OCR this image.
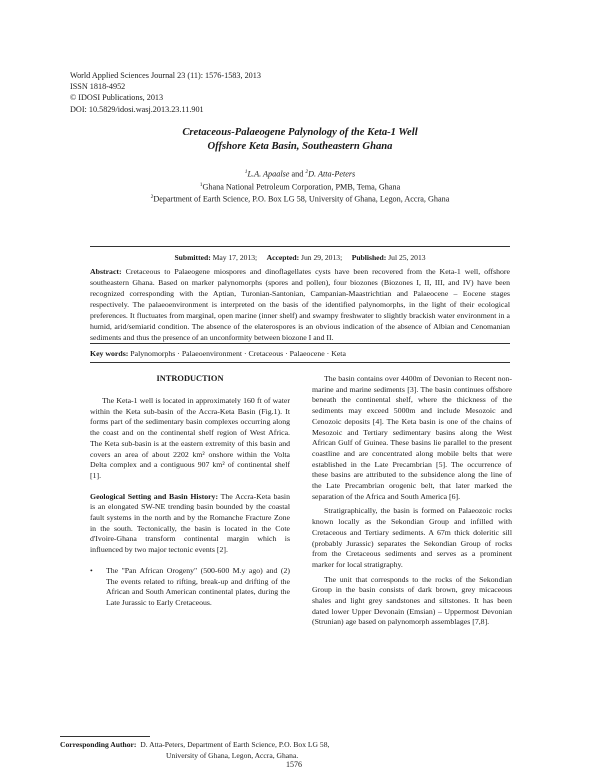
World Applied Sciences Journal 23 (11): 1576-1583, 2013
ISSN 1818-4952
© IDOSI Publications, 2013
DOI: 10.5829/idosi.wasj.2013.23.11.901
Cretaceous-Palaeogene Palynology of the Keta-1 Well
Offshore Keta Basin, Southeastern Ghana
$^1$L.A. Apaalse and $^2$D. Atta-Peters
$^1$Ghana National Petroleum Corporation, PMB, Tema, Ghana
$^2$Department of Earth Science, P.O. Box LG 58, University of Ghana, Legon, Accra, Ghana
Submitted: May 17, 2013; Accepted: Jun 29, 2013; Published: Jul 25, 2013
Abstract: Cretaceous to Palaeogene miospores and dinoflagellates cysts have been recovered from the Keta-1 well, offshore southeastern Ghana. Based on marker palynomorphs (spores and pollen), four biozones (Biozones I, II, III, and IV) have been recognized corresponding with the Aptian, Turonian-Santonian, Campanian-Maastrichtian and Palaeocene – Eocene stages respectively. The palaeoenvironment is interpreted on the basis of the identified palynomorphs, in the light of their ecological preferences. It fluctuates from marginal, open marine (inner shelf) and swampy freshwater to slightly brackish water environment in a humid, arid/semiarid condition. The absence of the elaterospores is an obvious indication of the absence of Albian and Cenomanian sediments and thus the presence of an unconformity between biozone I and II.
Key words: Palynomorphs · Palaeoenvironment · Cretaceous · Palaeocene · Keta
INTRODUCTION

The Keta-1 well is located in approximately 160 ft of water within the Keta sub-basin of the Accra-Keta Basin (Fig.1). It forms part of the sedimentary basin complexes occurring along the coast and on the continental shelf region of West Africa. The Keta sub-basin is at the eastern extremity of this basin and covers an area of about 2202 km² onshore within the Volta Delta complex and a contiguous 907 km² of continental shelf [1].

Geological Setting and Basin History: The Accra-Keta basin is an elongated SW-NE trending basin bounded by the coastal fault systems in the north and by the Romanche Fracture Zone in the south. Tectonically, the basin is located in the Cote d'Ivoire-Ghana transform continental margin which is influenced by two major tectonic events [2].

• The "Pan African Orogeny" (500-600 M.y ago) and (2) The events related to rifting, break-up and drifting of the African and South American continental plates, during the Late Jurassic to Early Cretaceous.

The basin contains over 4400m of Devonian to Recent non-marine and marine sediments [3]. The basin continues offshore beneath the continental shelf, where the thickness of the sediments may exceed 5000m and include Mesozoic and Cenozoic deposits [4]. The Keta basin is one of the chains of Mesozoic and Tertiary sedimentary basins along the West African Gulf of Guinea. These basins lie parallel to the present coastline and are concentrated along mobile belts that were established in the Late Precambrian [5]. The occurrence of these basins are attributed to the subsidence along the line of the Late Precambrian orogenic belt, that later marked the separation of the Africa and South America [6].

Stratigraphically, the basin is formed on Palaeozoic rocks known locally as the Sekondian Group and infilled with Cretaceous and Tertiary sediments. A 67m thick doleritic sill (probably Jurassic) separates the Sekondian Group of rocks from the Cretaceous sediments and serves as a prominent marker for local stratigraphy.

The unit that corresponds to the rocks of the Sekondian Group in the basin consists of dark brown, grey micaceous shales and light grey sandstones and siltstones. It has been dated lower Upper Devonain (Emsian) – Uppermost Devonian (Strunian) age based on palynomorph assemblages [7,8].

Corresponding Author: D. Atta-Peters, Department of Earth Science, P.O. Box LG 58,
University of Ghana, Legon, Accra, Ghana.
1576
